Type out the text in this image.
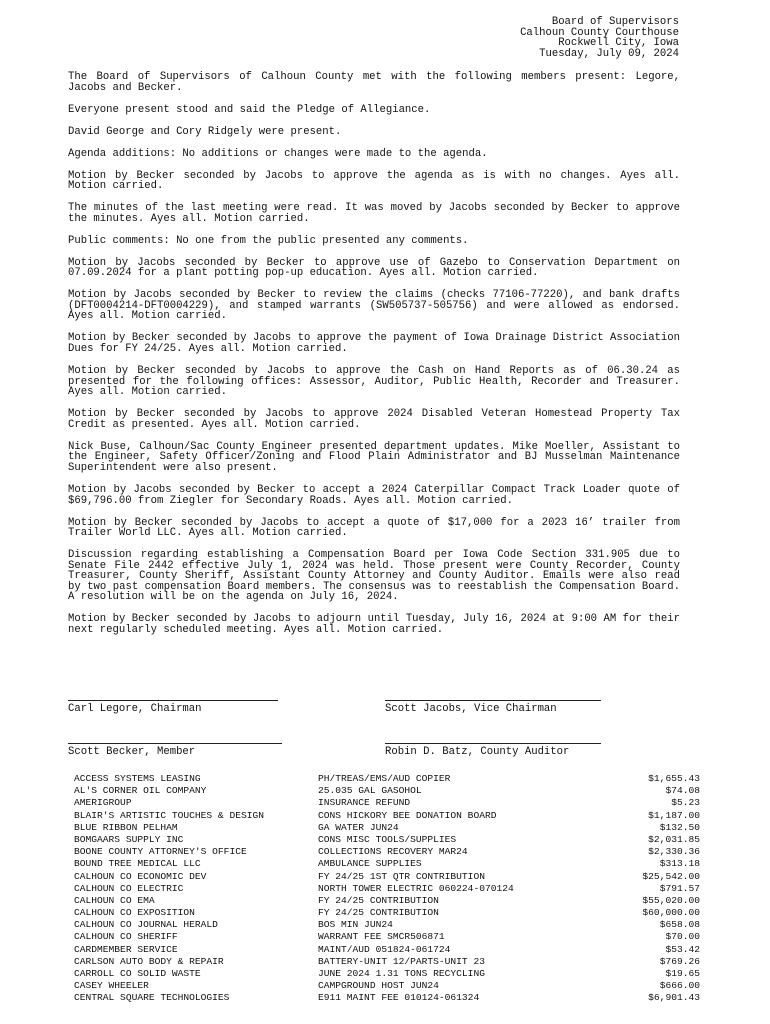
Board of Supervisors
Calhoun County Courthouse
Rockwell City, Iowa
Tuesday, July 09, 2024

The Board of Supervisors of Calhoun County met with the following members present: Legore, Jacobs and Becker.

Everyone present stood and said the Pledge of Allegiance.

David George and Cory Ridgely were present.

Agenda additions: No additions or changes were made to the agenda.

Motion by Becker seconded by Jacobs to approve the agenda as is with no changes. Ayes all. Motion carried.

The minutes of the last meeting were read. It was moved by Jacobs seconded by Becker to approve the minutes. Ayes all. Motion carried.

Public comments: No one from the public presented any comments.

Motion by Jacobs seconded by Becker to approve use of Gazebo to Conservation Department on 07.09.2024 for a plant potting pop-up education. Ayes all. Motion carried.

Motion by Jacobs seconded by Becker to review the claims (checks 77106-77220), and bank drafts (DFT0004214-DFT0004229), and stamped warrants (SW505737-505756) and were allowed as endorsed. Ayes all. Motion carried.

Motion by Becker seconded by Jacobs to approve the payment of Iowa Drainage District Association Dues for FY 24/25. Ayes all. Motion carried.

Motion by Becker seconded by Jacobs to approve the Cash on Hand Reports as of 06.30.24 as presented for the following offices: Assessor, Auditor, Public Health, Recorder and Treasurer. Ayes all. Motion carried.

Motion by Becker seconded by Jacobs to approve 2024 Disabled Veteran Homestead Property Tax Credit as presented. Ayes all. Motion carried.

Nick Buse, Calhoun/Sac County Engineer presented department updates. Mike Moeller, Assistant to the Engineer, Safety Officer/Zoning and Flood Plain Administrator and BJ Musselman Maintenance Superintendent were also present.

Motion by Jacobs seconded by Becker to accept a 2024 Caterpillar Compact Track Loader quote of $69,796.00 from Ziegler for Secondary Roads. Ayes all. Motion carried.

Motion by Becker seconded by Jacobs to accept a quote of $17,000 for a 2023 16’ trailer from Trailer World LLC. Ayes all. Motion carried.

Discussion regarding establishing a Compensation Board per Iowa Code Section 331.905 due to Senate File 2442 effective July 1, 2024 was held. Those present were County Recorder, County Treasurer, County Sheriff, Assistant County Attorney and County Auditor. Emails were also read by two past compensation Board members. The consensus was to reestablish the Compensation Board. A resolution will be on the agenda on July 16, 2024.

Motion by Becker seconded by Jacobs to adjourn until Tuesday, July 16, 2024 at 9:00 AM for their next regularly scheduled meeting. Ayes all. Motion carried.

Carl Legore, Chairman	Scott Jacobs, Vice Chairman
Scott Becker, Member	Robin D. Batz, County Auditor
ACCESS SYSTEMS LEASING	PH/TREAS/EMS/AUD COPIER	$1,655.43
AL'S CORNER OIL COMPANY	25.035 GAL GASOHOL	$74.08
AMERIGROUP	INSURANCE REFUND	$5.23
BLAIR'S ARTISTIC TOUCHES & DESIGN	CONS HICKORY BEE DONATION BOARD	$1,187.00
BLUE RIBBON PELHAM	GA WATER JUN24	$132.50
BOMGAARS SUPPLY INC	CONS MISC TOOLS/SUPPLIES	$2,031.85
BOONE COUNTY ATTORNEY'S OFFICE	COLLECTIONS RECOVERY MAR24	$2,330.36
BOUND TREE MEDICAL LLC	AMBULANCE SUPPLIES	$313.18
CALHOUN CO ECONOMIC DEV	FY 24/25 1ST QTR CONTRIBUTION	$25,542.00
CALHOUN CO ELECTRIC	NORTH TOWER ELECTRIC 060224-070124	$791.57
CALHOUN CO EMA	FY 24/25 CONTRIBUTION	$55,020.00
CALHOUN CO EXPOSITION	FY 24/25 CONTRIBUTION	$60,000.00
CALHOUN CO JOURNAL HERALD	BOS MIN JUN24	$658.08
CALHOUN CO SHERIFF	WARRANT FEE SMCR506871	$70.00
CARDMEMBER SERVICE	MAINT/AUD 051824-061724	$53.42
CARLSON AUTO BODY & REPAIR	BATTERY-UNIT 12/PARTS-UNIT 23	$769.26
CARROLL CO SOLID WASTE	JUNE 2024 1.31 TONS RECYCLING	$19.65
CASEY WHEELER	CAMPGROUND HOST JUN24	$666.00
CENTRAL SQUARE TECHNOLOGIES	E911 MAINT FEE 010124-061324	$6,901.43
